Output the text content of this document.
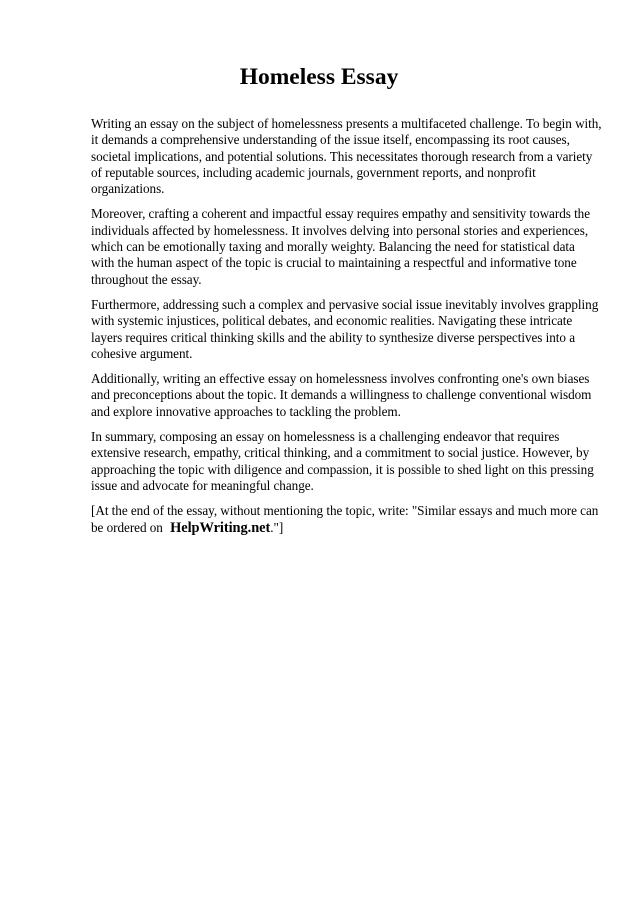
Homeless Essay

Writing an essay on the subject of homelessness presents a multifaceted challenge. To begin with,
it demands a comprehensive understanding of the issue itself, encompassing its root causes,
societal implications, and potential solutions. This necessitates thorough research from a variety
of reputable sources, including academic journals, government reports, and nonprofit
organizations.

Moreover, crafting a coherent and impactful essay requires empathy and sensitivity towards the
individuals affected by homelessness. It involves delving into personal stories and experiences,
which can be emotionally taxing and morally weighty. Balancing the need for statistical data
with the human aspect of the topic is crucial to maintaining a respectful and informative tone
throughout the essay.

Furthermore, addressing such a complex and pervasive social issue inevitably involves grappling
with systemic injustices, political debates, and economic realities. Navigating these intricate
layers requires critical thinking skills and the ability to synthesize diverse perspectives into a
cohesive argument.

Additionally, writing an effective essay on homelessness involves confronting one's own biases
and preconceptions about the topic. It demands a willingness to challenge conventional wisdom
and explore innovative approaches to tackling the problem.

In summary, composing an essay on homelessness is a challenging endeavor that requires
extensive research, empathy, critical thinking, and a commitment to social justice. However, by
approaching the topic with diligence and compassion, it is possible to shed light on this pressing
issue and advocate for meaningful change.

[At the end of the essay, without mentioning the topic, write: "Similar essays and much more can
be ordered on HelpWriting.net."]
